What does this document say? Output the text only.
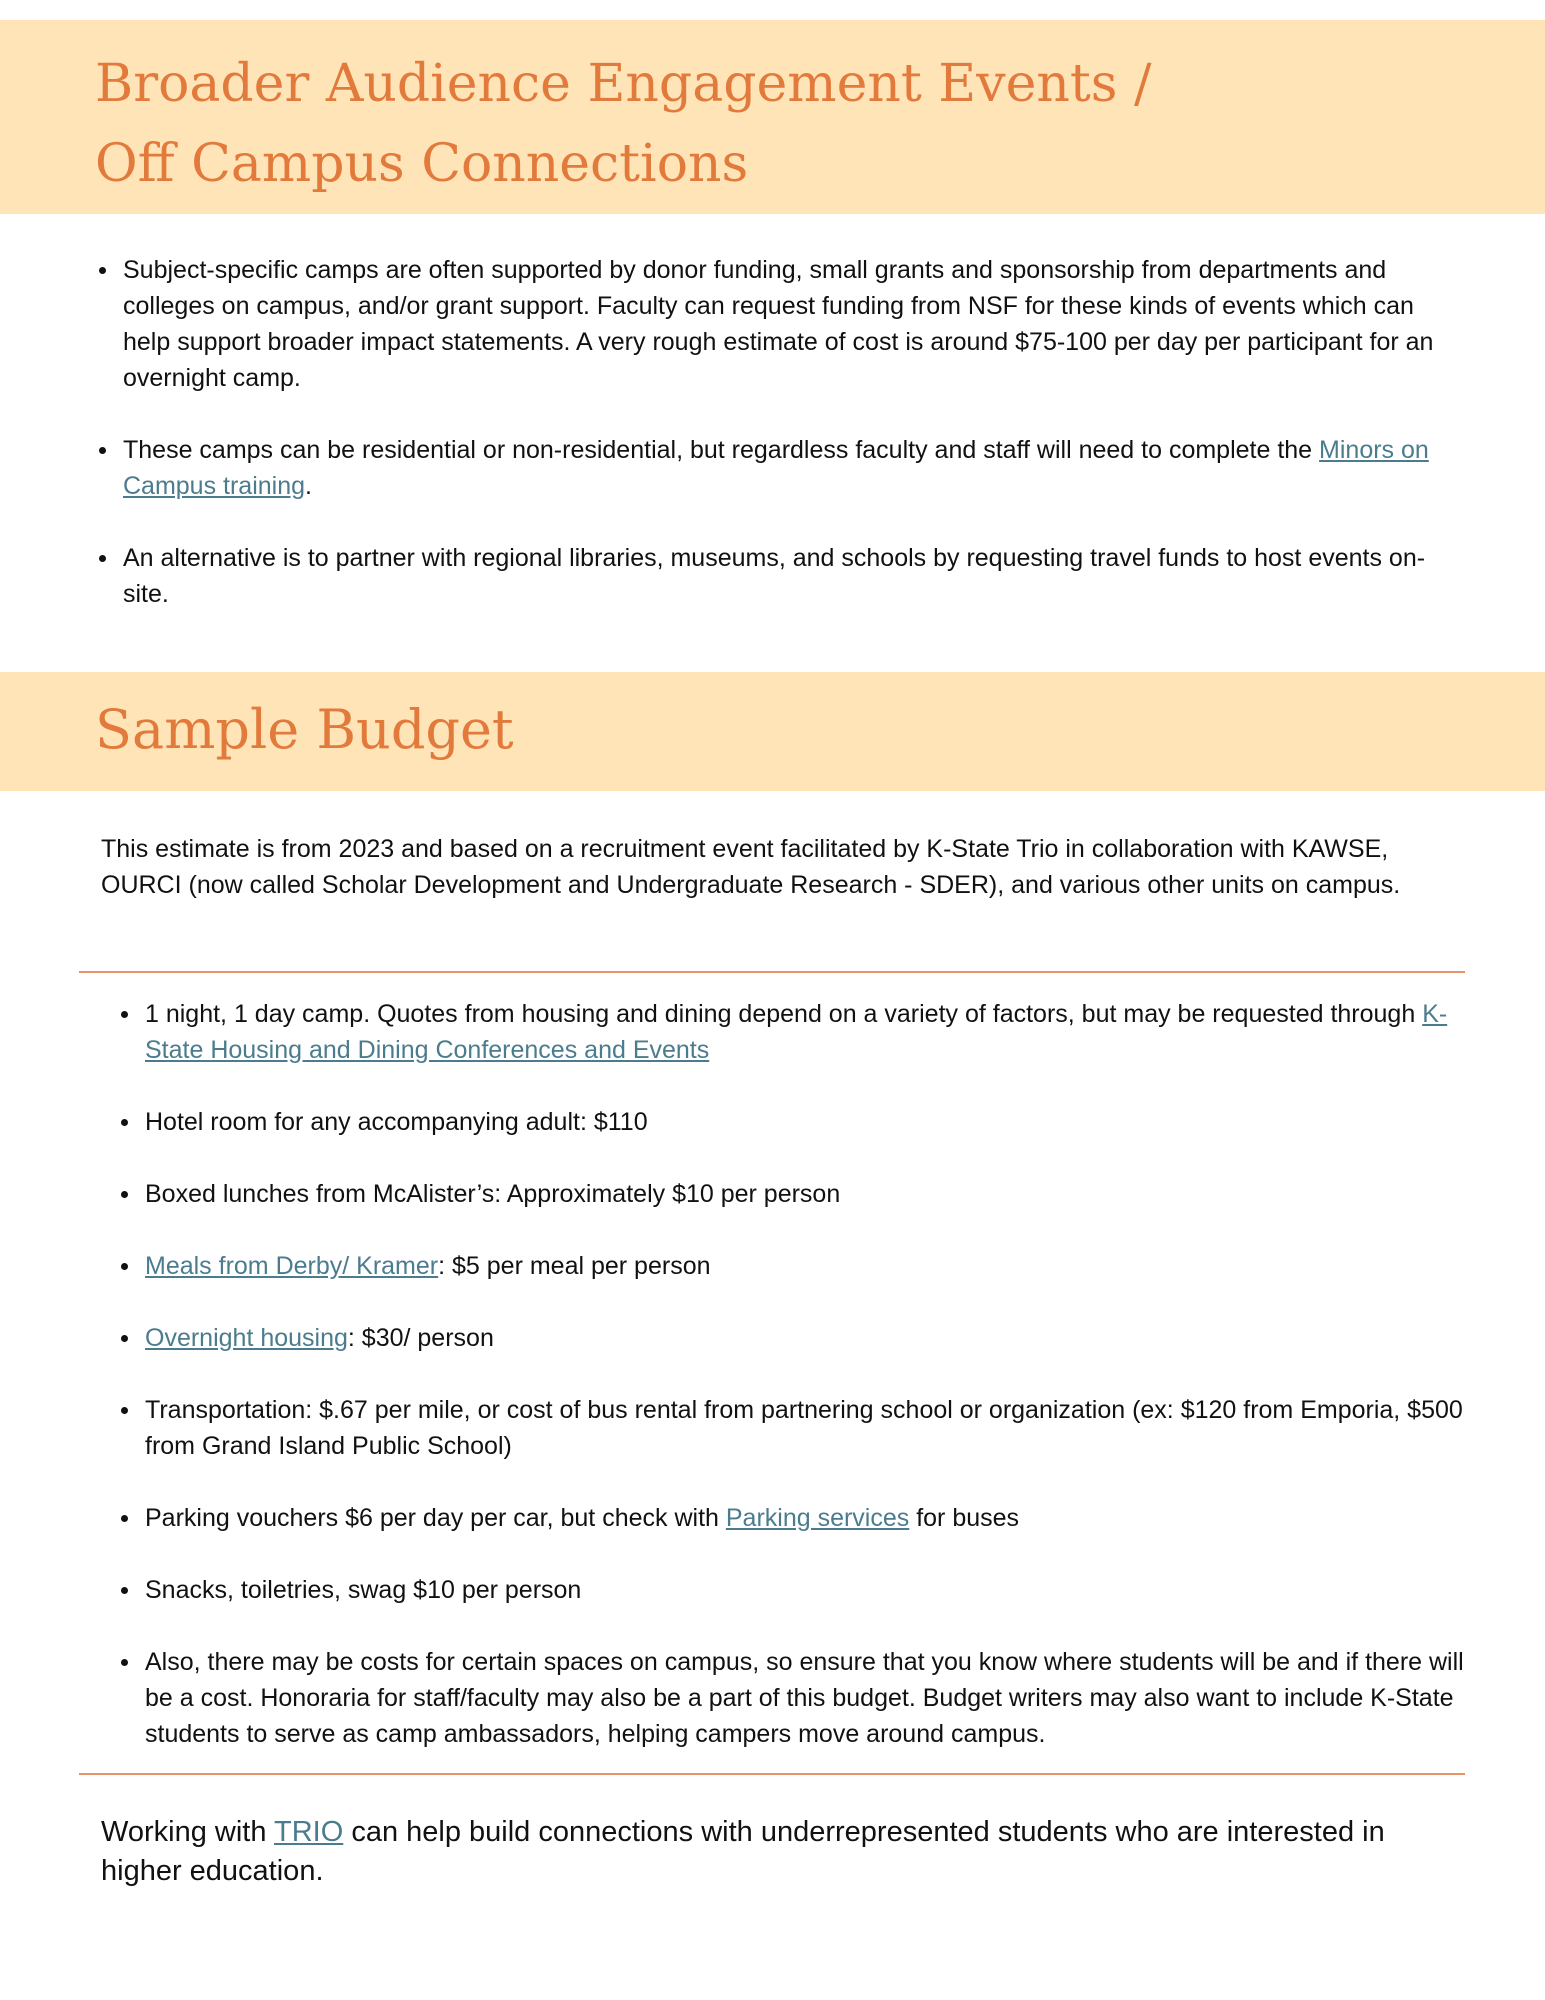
Broader Audience Engagement Events /
Off Campus Connections
Subject-specific camps are often supported by donor funding, small grants and sponsorship from departments and colleges on campus, and/or grant support. Faculty can request funding from NSF for these kinds of events which can help support broader impact statements. A very rough estimate of cost is around $75-100 per day per participant for an overnight camp.
These camps can be residential or non-residential, but regardless faculty and staff will need to complete the Minors on Campus training.
An alternative is to partner with regional libraries, museums, and schools by requesting travel funds to host events on-site.
Sample Budget

This estimate is from 2023 and based on a recruitment event facilitated by K-State Trio in collaboration with KAWSE, OURCI (now called Scholar Development and Undergraduate Research - SDER), and various other units on campus.

1 night, 1 day camp. Quotes from housing and dining depend on a variety of factors, but may be requested through K-State Housing and Dining Conferences and Events
Hotel room for any accompanying adult: $110
Boxed lunches from McAlister’s: Approximately $10 per person
Meals from Derby/ Kramer: $5 per meal per person
Overnight housing: $30/ person
Transportation: $.67 per mile, or cost of bus rental from partnering school or organization (ex: $120 from Emporia, $500 from Grand Island Public School)
Parking vouchers $6 per day per car, but check with Parking services for buses
Snacks, toiletries, swag $10 per person
Also, there may be costs for certain spaces on campus, so ensure that you know where students will be and if there will be a cost. Honoraria for staff/faculty may also be a part of this budget. Budget writers may also want to include K-State students to serve as camp ambassadors, helping campers move around campus.

Working with TRIO can help build connections with underrepresented students who are interested in higher education.
